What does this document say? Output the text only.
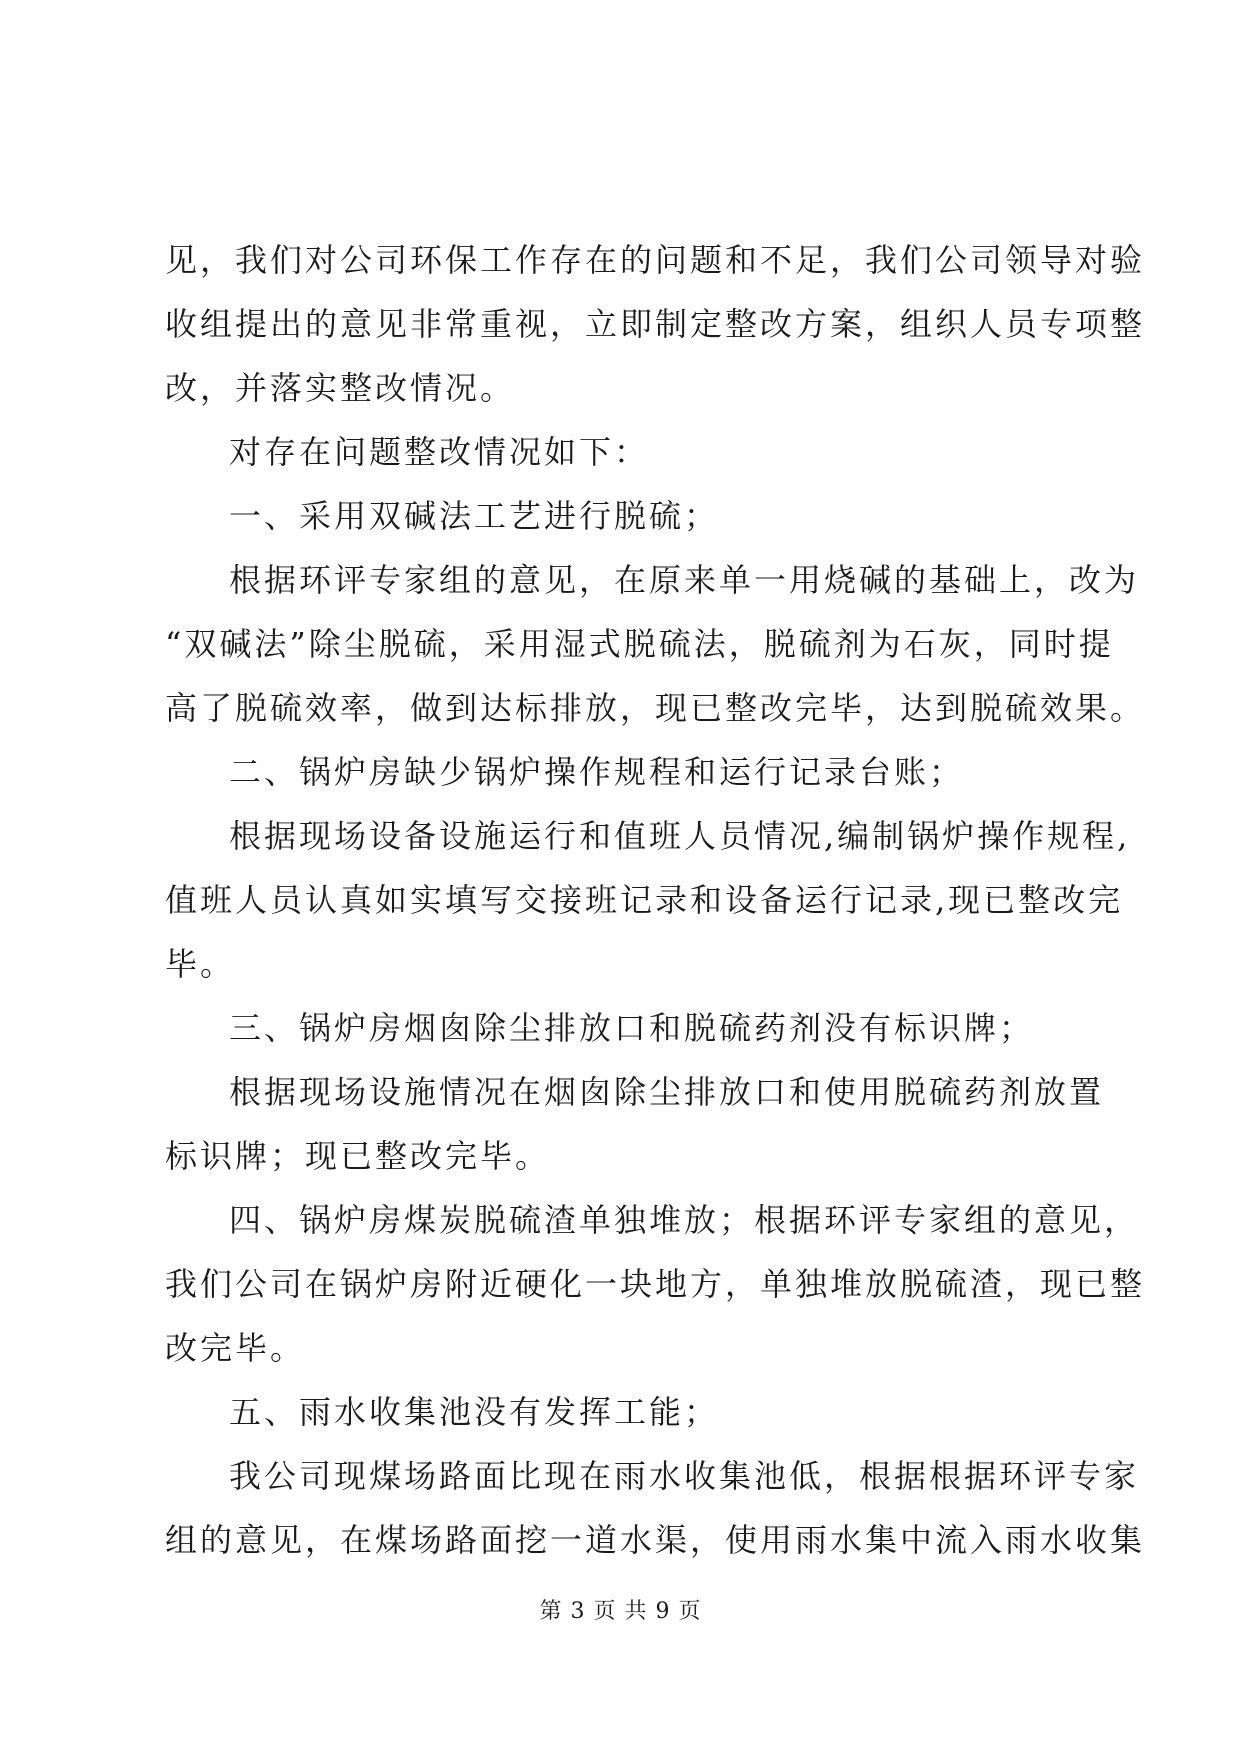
见，我们对公司环保工作存在的问题和不足，我们公司领导对验
收组提出的意见非常重视，立即制定整改方案，组织人员专项整
改，并落实整改情况。
对存在问题整改情况如下：
一、采用双碱法工艺进行脱硫；
根据环评专家组的意见，在原来单一用烧碱的基础上，改为
“双碱法”除尘脱硫，采用湿式脱硫法，脱硫剂为石灰，同时提
高了脱硫效率，做到达标排放，现已整改完毕，达到脱硫效果。
二、锅炉房缺少锅炉操作规程和运行记录台账；
根据现场设备设施运行和值班人员情况,编制锅炉操作规程,
值班人员认真如实填写交接班记录和设备运行记录,现已整改完
毕。
三、锅炉房烟囱除尘排放口和脱硫药剂没有标识牌；
根据现场设施情况在烟囱除尘排放口和使用脱硫药剂放置
标识牌；现已整改完毕。
四、锅炉房煤炭脱硫渣单独堆放；根据环评专家组的意见，
我们公司在锅炉房附近硬化一块地方，单独堆放脱硫渣，现已整
改完毕。
五、雨水收集池没有发挥工能；
我公司现煤场路面比现在雨水收集池低，根据根据环评专家
组的意见，在煤场路面挖一道水渠，使用雨水集中流入雨水收集
第 3 页 共 9 页
